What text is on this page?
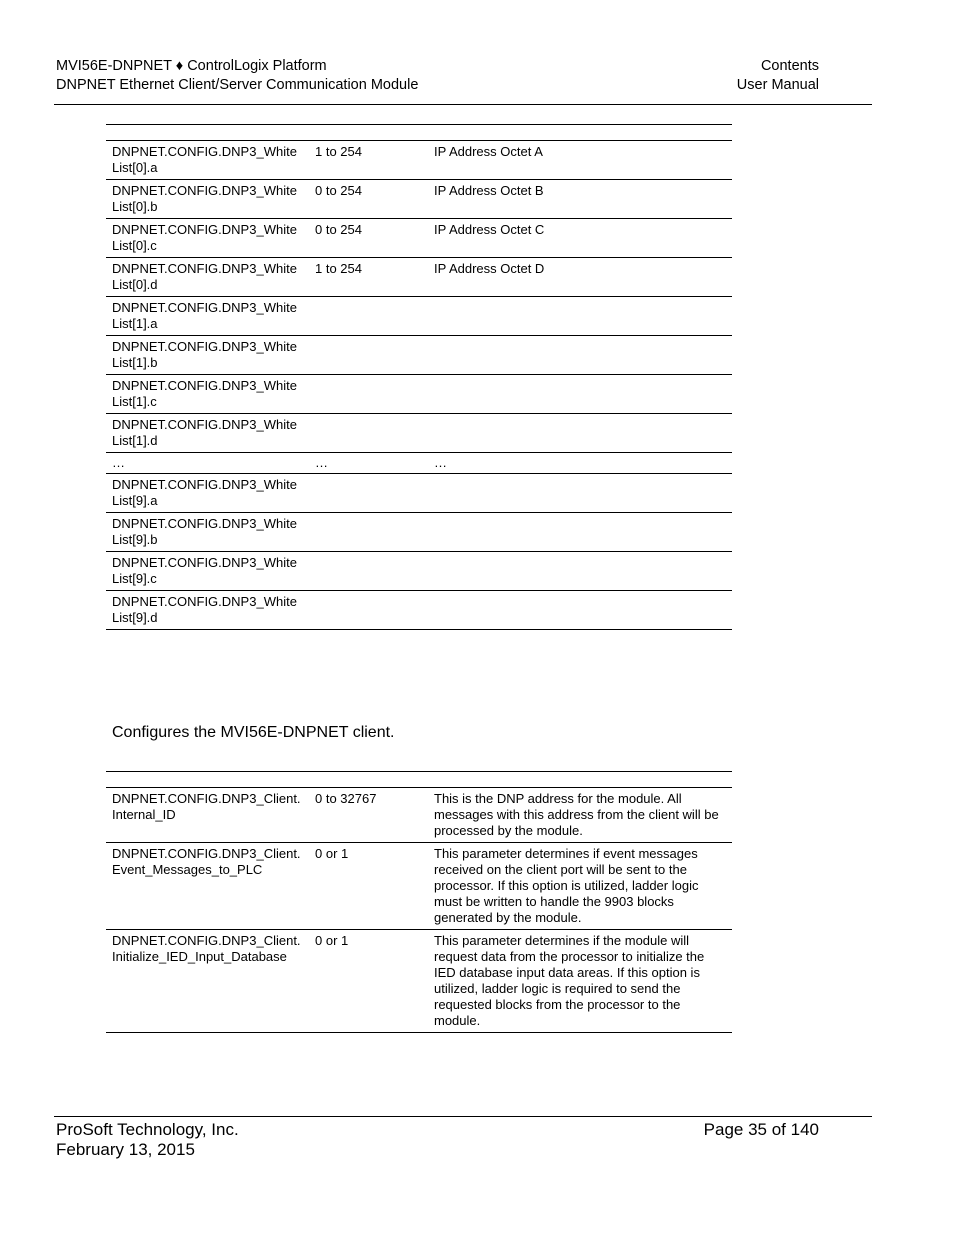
MVI56E-DNPNET ♦ ControlLogix Platform
DNPNET Ethernet Client/Server Communication Module
Contents
User Manual

DNPNET.CONFIG.DNP3_WhiteList[0].a	1 to 254	IP Address Octet A
DNPNET.CONFIG.DNP3_WhiteList[0].b	0 to 254	IP Address Octet B
DNPNET.CONFIG.DNP3_WhiteList[0].c	0 to 254	IP Address Octet C
DNPNET.CONFIG.DNP3_WhiteList[0].d	1 to 254	IP Address Octet D
DNPNET.CONFIG.DNP3_WhiteList[1].a		
DNPNET.CONFIG.DNP3_WhiteList[1].b		
DNPNET.CONFIG.DNP3_WhiteList[1].c		
DNPNET.CONFIG.DNP3_WhiteList[1].d		
…	…	…
DNPNET.CONFIG.DNP3_WhiteList[9].a		
DNPNET.CONFIG.DNP3_WhiteList[9].b		
DNPNET.CONFIG.DNP3_WhiteList[9].c		
DNPNET.CONFIG.DNP3_WhiteList[9].d		
Configures the MVI56E-DNPNET client.

DNPNET.CONFIG.DNP3_Client.Internal_ID	0 to 32767	This is the DNP address for the module. All messages with this address from the client will be processed by the module.
DNPNET.CONFIG.DNP3_Client.Event_Messages_to_PLC	0 or 1	This parameter determines if event messages received on the client port will be sent to the processor. If this option is utilized, ladder logic must be written to handle the 9903 blocks generated by the module.
DNPNET.CONFIG.DNP3_Client.Initialize_IED_Input_Database	0 or 1	This parameter determines if the module will request data from the processor to initialize the IED database input data areas. If this option is utilized, ladder logic is required to send the requested blocks from the processor to the module.
ProSoft Technology, Inc.
February 13, 2015
Page 35 of 140
